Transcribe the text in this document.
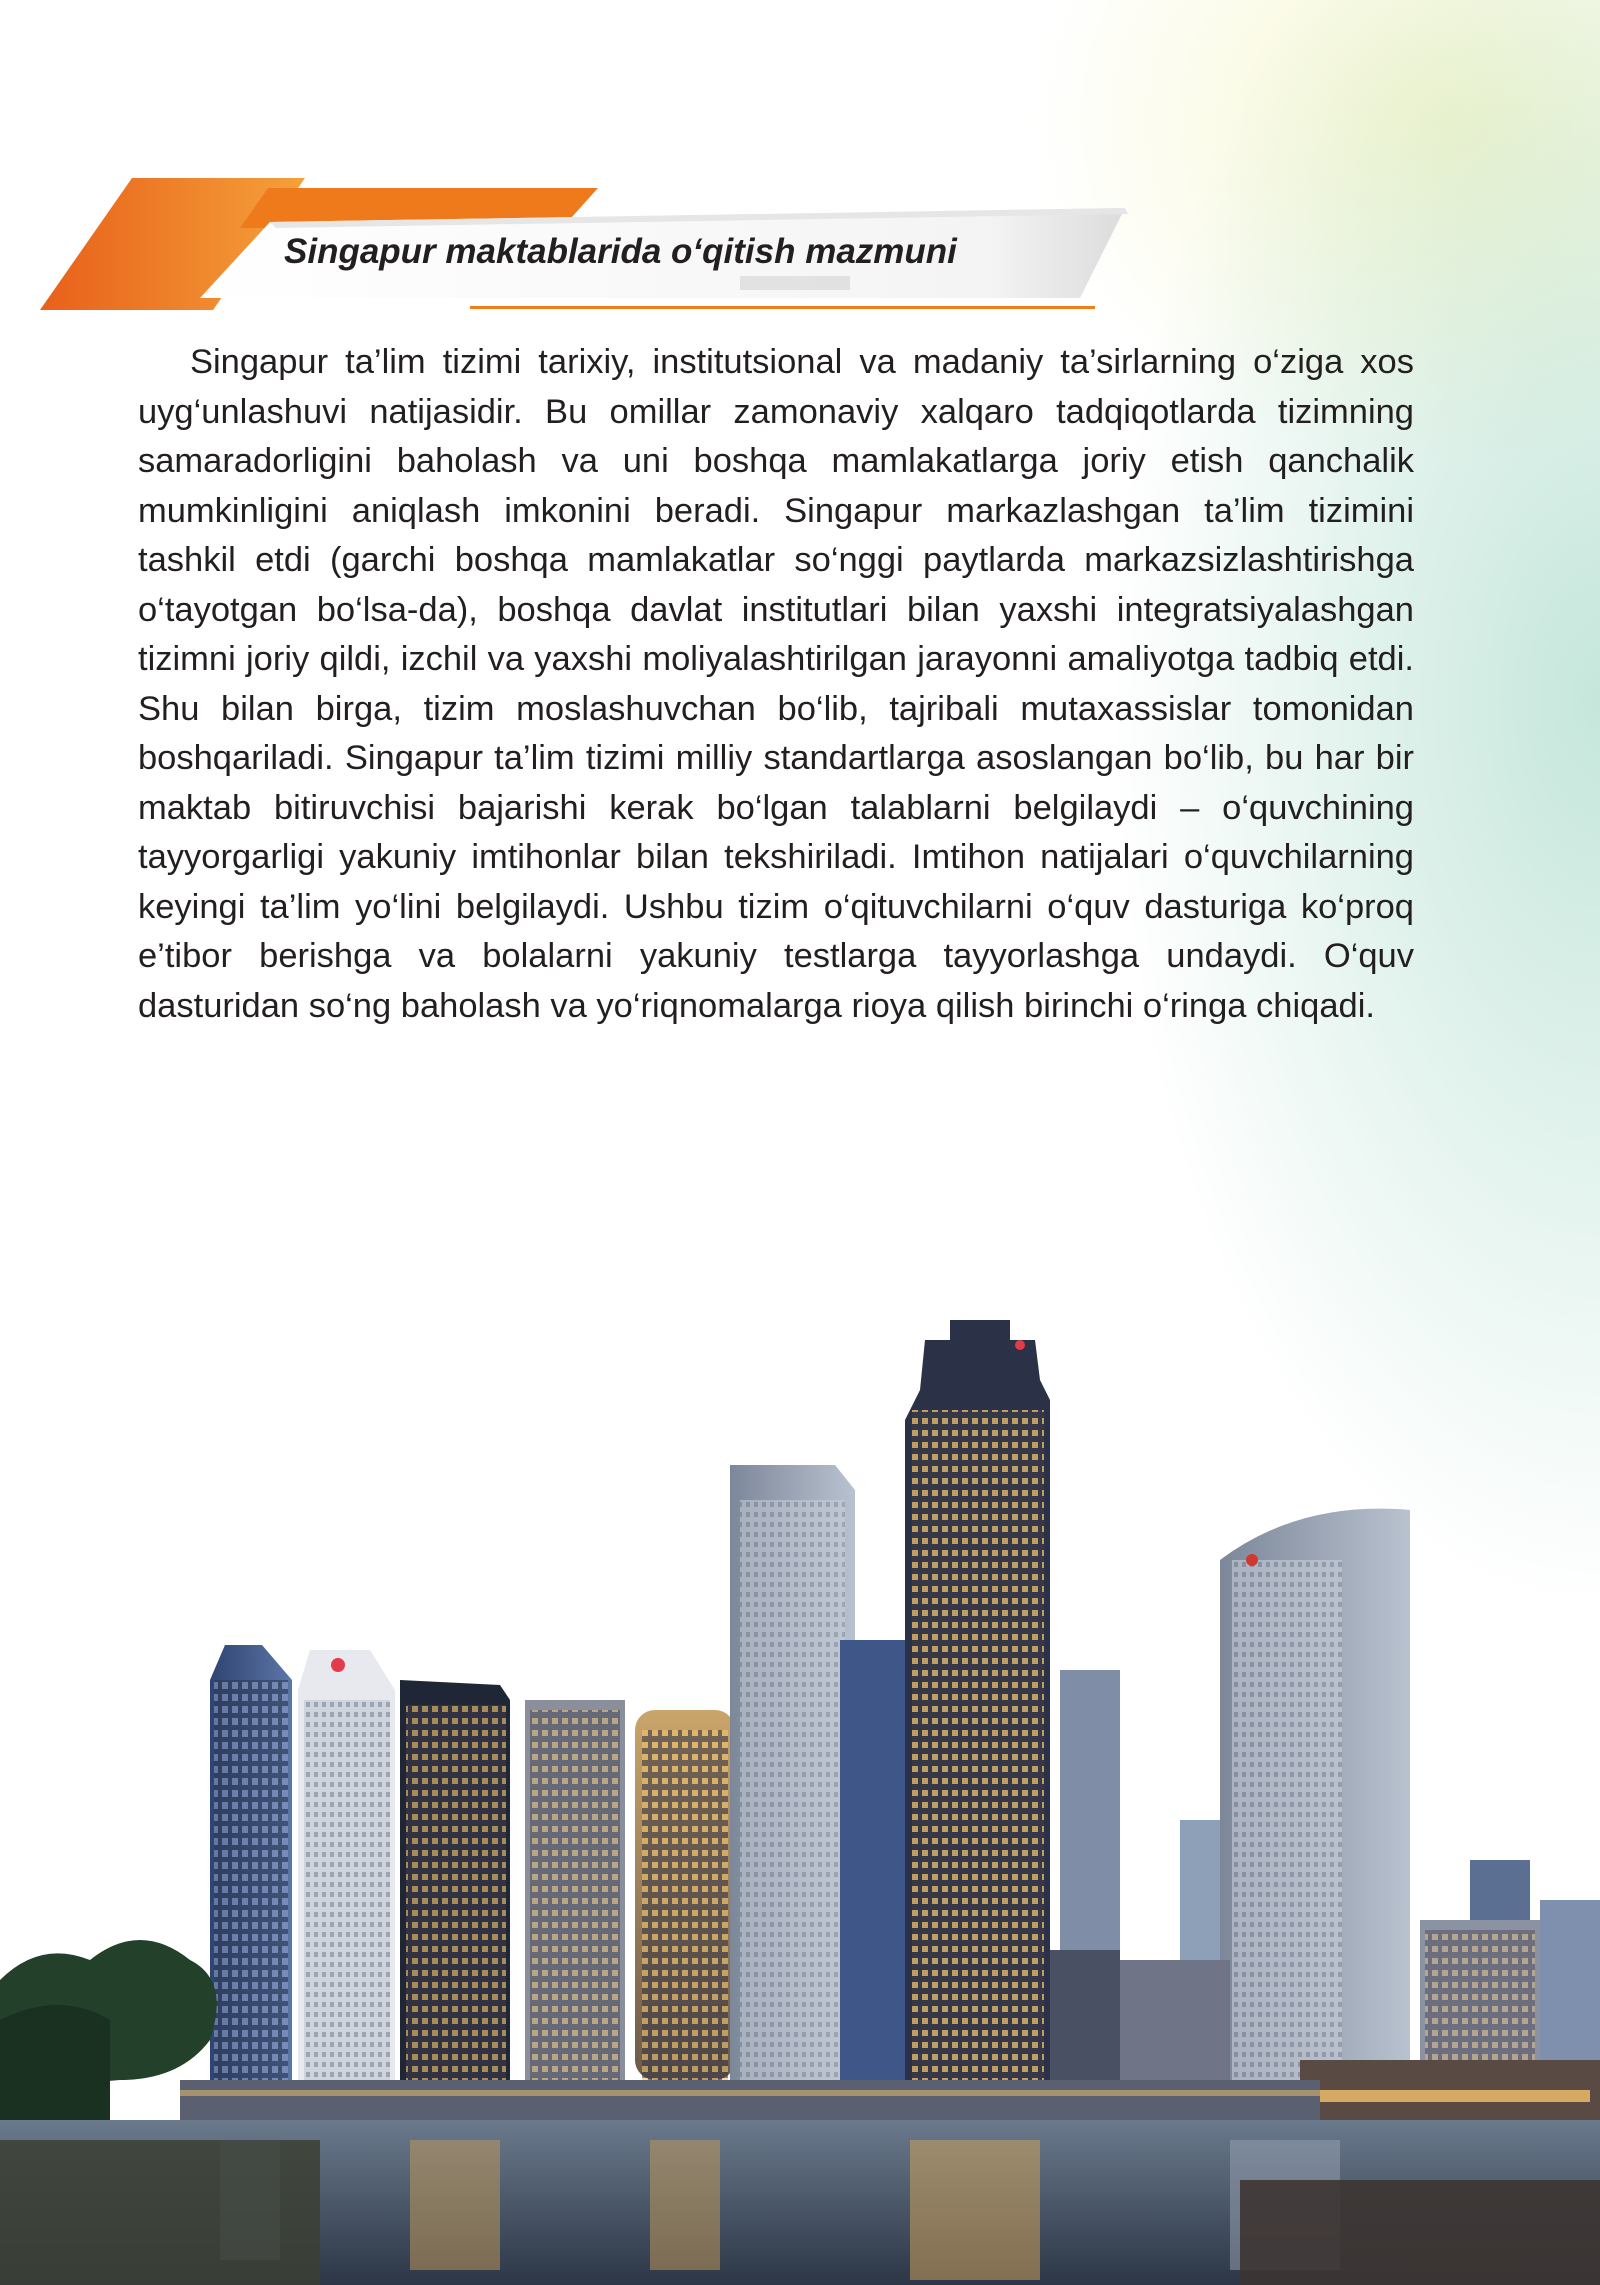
Singapur maktablarida o‘qitish mazmuni

Singapur ta’lim tizimi tarixiy, institutsional va madaniy ta’sirlarning o‘ziga xos uyg‘unlashuvi natijasidir. Bu omillar zamonaviy xalqaro tadqiqotlarda tizimning samaradorligini baholash va uni boshqa mamlakatlarga joriy etish qanchalik mumkinligini aniqlash imkonini beradi. Singapur markazlashgan ta’lim tizimini tashkil etdi (garchi boshqa mamlakatlar so‘nggi paytlarda markazsizlashtirishga o‘tayotgan bo‘lsa-da), boshqa davlat institutlari bilan yaxshi integratsiyalashgan tizimni joriy qildi, izchil va yaxshi moliyalashtirilgan jarayonni amaliyotga tadbiq etdi. Shu bilan birga, tizim moslashuvchan bo‘lib, tajribali mutaxassislar tomonidan boshqariladi. Singapur ta’lim tizimi milliy standartlarga asoslangan bo‘lib, bu har bir maktab bitiruvchisi bajarishi kerak bo‘lgan talablarni belgilaydi – o‘quvchining tayyorgarligi yakuniy imtihonlar bilan tekshiriladi. Imtihon natijalari o‘quvchilarning keyingi ta’lim yo‘lini belgilaydi. Ushbu tizim o‘qituvchilarni o‘quv dasturiga ko‘proq e’tibor berishga va bolalarni yakuniy testlarga tayyorlashga undaydi. O‘quv dasturidan so‘ng baholash va yo‘riqnomalarga rioya qilish birinchi o‘ringa chiqadi.
